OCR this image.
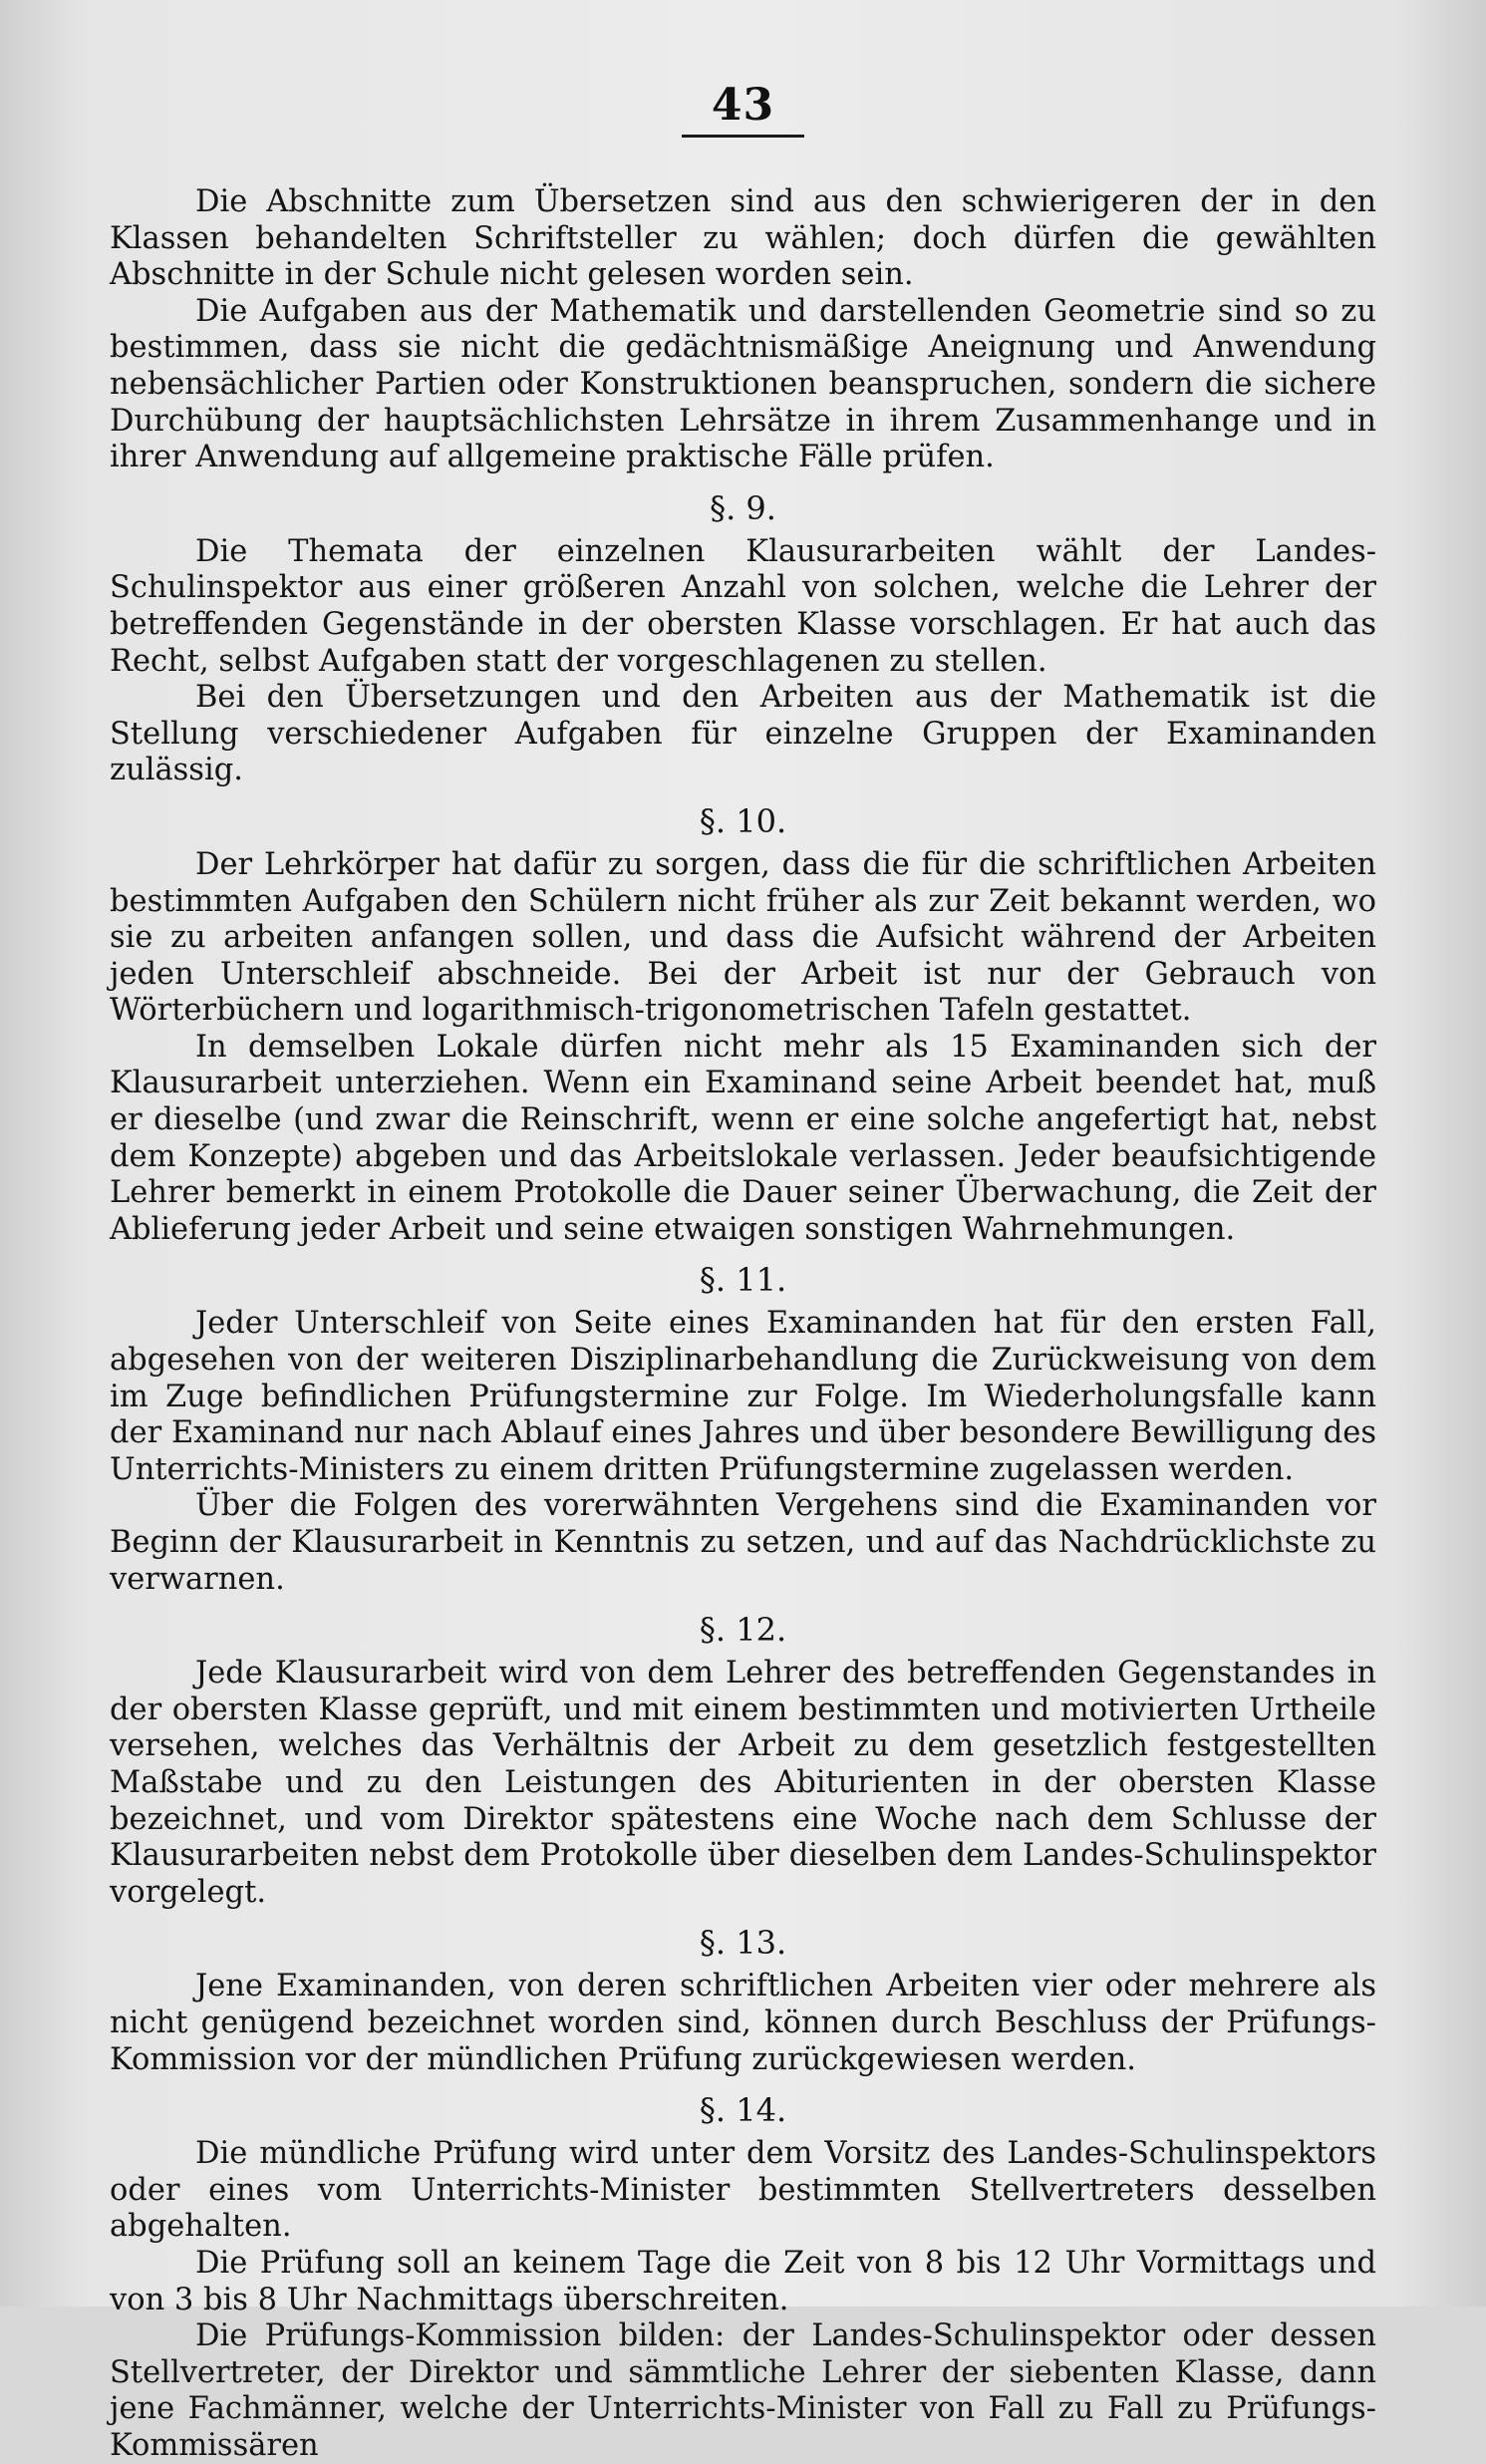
43

Die Abschnitte zum Übersetzen sind aus den schwierigeren der in den Klassen behandelten Schriftsteller zu wählen; doch dürfen die gewählten Abschnitte in der Schule nicht gelesen worden sein.

Die Aufgaben aus der Mathematik und darstellenden Geometrie sind so zu bestimmen, dass sie nicht die gedächtnismäßige Aneignung und Anwendung nebensächlicher Partien oder Konstruktionen beanspruchen, sondern die sichere Durchübung der hauptsächlichsten Lehrsätze in ihrem Zusammenhange und in ihrer Anwendung auf allgemeine praktische Fälle prüfen.

§. 9.

Die Themata der einzelnen Klausurarbeiten wählt der Landes-Schulinspektor aus einer größeren Anzahl von solchen, welche die Lehrer der betreffenden Gegenstände in der obersten Klasse vorschlagen. Er hat auch das Recht, selbst Aufgaben statt der vorgeschlagenen zu stellen.

Bei den Übersetzungen und den Arbeiten aus der Mathematik ist die Stellung verschiedener Aufgaben für einzelne Gruppen der Examinanden zulässig.

§. 10.

Der Lehrkörper hat dafür zu sorgen, dass die für die schriftlichen Arbeiten bestimmten Aufgaben den Schülern nicht früher als zur Zeit bekannt werden, wo sie zu arbeiten anfangen sollen, und dass die Aufsicht während der Arbeiten jeden Unterschleif abschneide. Bei der Arbeit ist nur der Gebrauch von Wörterbüchern und logarithmisch-trigonometrischen Tafeln gestattet.

In demselben Lokale dürfen nicht mehr als 15 Examinanden sich der Klausurarbeit unterziehen. Wenn ein Examinand seine Arbeit beendet hat, muß er dieselbe (und zwar die Reinschrift, wenn er eine solche angefertigt hat, nebst dem Konzepte) abgeben und das Arbeitslokale verlassen. Jeder beaufsichtigende Lehrer bemerkt in einem Protokolle die Dauer seiner Überwachung, die Zeit der Ablieferung jeder Arbeit und seine etwaigen sonstigen Wahrnehmungen.

§. 11.

Jeder Unterschleif von Seite eines Examinanden hat für den ersten Fall, abgesehen von der weiteren Disziplinarbehandlung die Zurückweisung von dem im Zuge befindlichen Prüfungstermine zur Folge. Im Wiederholungsfalle kann der Examinand nur nach Ablauf eines Jahres und über besondere Bewilligung des Unterrichts-Ministers zu einem dritten Prüfungstermine zugelassen werden.

Über die Folgen des vorerwähnten Vergehens sind die Examinanden vor Beginn der Klausurarbeit in Kenntnis zu setzen, und auf das Nachdrücklichste zu verwarnen.

§. 12.

Jede Klausurarbeit wird von dem Lehrer des betreffenden Gegenstandes in der obersten Klasse geprüft, und mit einem bestimmten und motivierten Urtheile versehen, welches das Verhältnis der Arbeit zu dem gesetzlich festgestellten Maßstabe und zu den Leistungen des Abiturienten in der obersten Klasse bezeichnet, und vom Direktor spätestens eine Woche nach dem Schlusse der Klausurarbeiten nebst dem Protokolle über dieselben dem Landes-Schulinspektor vorgelegt.

§. 13.

Jene Examinanden, von deren schriftlichen Arbeiten vier oder mehrere als nicht genügend bezeichnet worden sind, können durch Beschluss der Prüfungs-Kommission vor der mündlichen Prüfung zurückgewiesen werden.

§. 14.

Die mündliche Prüfung wird unter dem Vorsitz des Landes-Schulinspektors oder eines vom Unterrichts-Minister bestimmten Stellvertreters desselben abgehalten.

Die Prüfung soll an keinem Tage die Zeit von 8 bis 12 Uhr Vormittags und von 3 bis 8 Uhr Nachmittags überschreiten.

Die Prüfungs-Kommission bilden: der Landes-Schulinspektor oder dessen Stellvertreter, der Direktor und sämmtliche Lehrer der siebenten Klasse, dann jene Fachmänner, welche der Unterrichts-Minister von Fall zu Fall zu Prüfungs-Kommissären
